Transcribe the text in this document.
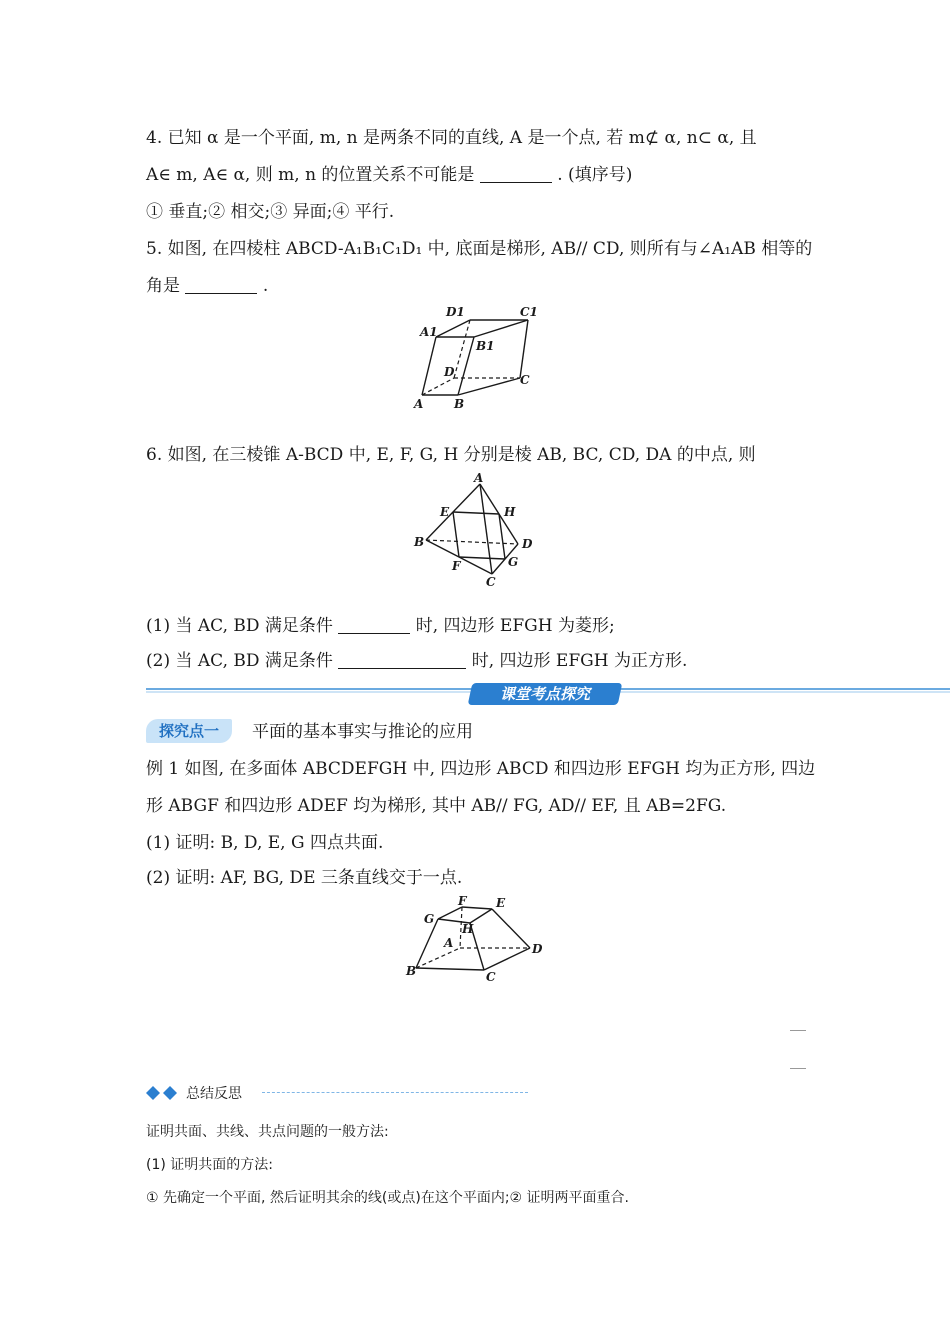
4. 已知 α 是一个平面, m, n 是两条不同的直线, A 是一个点, 若 m⊄ α, n⊂ α, 且
A∈ m, A∈ α, 则 m, n 的位置关系不可能是	. (填序号)
① 垂直;② 相交;③ 异面;④ 平行.
5. 如图, 在四棱柱 ABCD-A₁B₁C₁D₁ 中, 底面是梯形, AB// CD, 则所有与∠A₁AB 相等的
角是	.
D1	C1
A1
B1
D
C
A	B
6. 如图, 在三棱锥 A-BCD 中, E, F, G, H 分别是棱 AB, BC, CD, DA 的中点, 则
A
E	H
B	D
F	G
C
(1) 当 AC, BD 满足条件	时, 四边形 EFGH 为菱形;
(2) 当 AC, BD 满足条件	时, 四边形 EFGH 为正方形.
课堂考点探究
探究点一	平面的基本事实与推论的应用
例 1 如图, 在多面体 ABCDEFGH 中, 四边形 ABCD 和四边形 EFGH 均为正方形, 四边
形 ABGF 和四边形 ADEF 均为梯形, 其中 AB// FG, AD// EF, 且 AB=2FG.
(1) 证明: B, D, E, G 四点共面.
(2) 证明: AF, BG, DE 三条直线交于一点.
G
F E
A
H
D
B	C
总结反思
证明共面、共线、共点问题的一般方法:
(1) 证明共面的方法:
① 先确定一个平面, 然后证明其余的线(或点)在这个平面内;② 证明两平面重合.
